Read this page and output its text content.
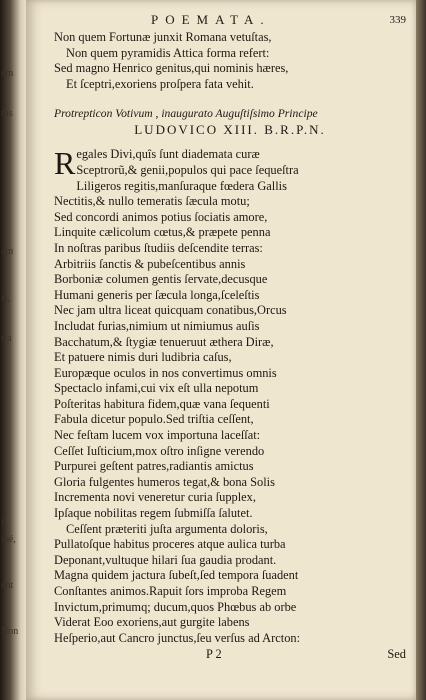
em
tus
am
is,
tra
I.
ibé,
ent
Non
POEMATA.	339
Non quem Fortunæ junxit Romana vetuſtas,
Non quem pyramidis Attica forma refert:
Sed magno Henrico genitus,qui nominis hæres,
Et ſceptri,exoriens proſpera fata vehit.
Protrepticon Votivum , inaugurato Auguſtiſsimo Principe
LUDOVICO XIII. B.R.P.N.
R egales Divi,quîs ſunt diademata curæ
Sceptrorũ,& genii,populos qui pace ſequeſtra
Liligeros regitis,manſuraque fœdera Gallis
Nectitis,& nullo temeratis ſæcula motu;
Sed concordi animos potius ſociatis amore,
Linquite cælicolum cœtus,& præpete penna
In noſtras paribus ſtudiis deſcendite terras:
Arbitriis ſanctis & pubeſcentibus annis
Borboniæ columen gentis ſervate,decusque
Humani generis per ſæcula longa,ſceleſtis
Nec jam ultra liceat quicquam conatibus,Orcus
Includat furias,nimium ut nimiumus auſis
Bacchatum,& ſtygiæ tenueruut æthera Diræ,
Et patuere nimis duri ludibria caſus,
Europæque oculos in nos convertimus omnis
Spectaclo infami,cui vix eſt ulla nepotum
Poſteritas habitura fidem,quæ vana ſequenti
Fabula dicetur populo.Sed triſtia ceſſent,
Nec feſtam lucem vox importuna laceſſat:
Ceſſet Iuſticium,mox oſtro inſigne verendo
Purpurei geſtent patres,radiantis amictus
Gloria fulgentes humeros tegat,& bona Solis
Incrementa novi veneretur curia ſupplex,
Ipſaque nobilitas regem ſubmiſſa ſalutet.
Ceſſent præteriti juſta argumenta doloris,
Pullatoſque habitus proceres atque aulica turba
Deponant,vultuque hilari ſua gaudia prodant.
Magna quidem jactura ſubeſt,ſed tempora ſuadent
Conſtantes animos.Rapuit ſors improba Regem
Invictum,primumq; ducum,quos Phœbus ab orbe
Viderat Eoo exoriens,aut gurgite labens
Heſperio,aut Cancro junctus,ſeu verſus ad Arcton:
P 2	Sed
